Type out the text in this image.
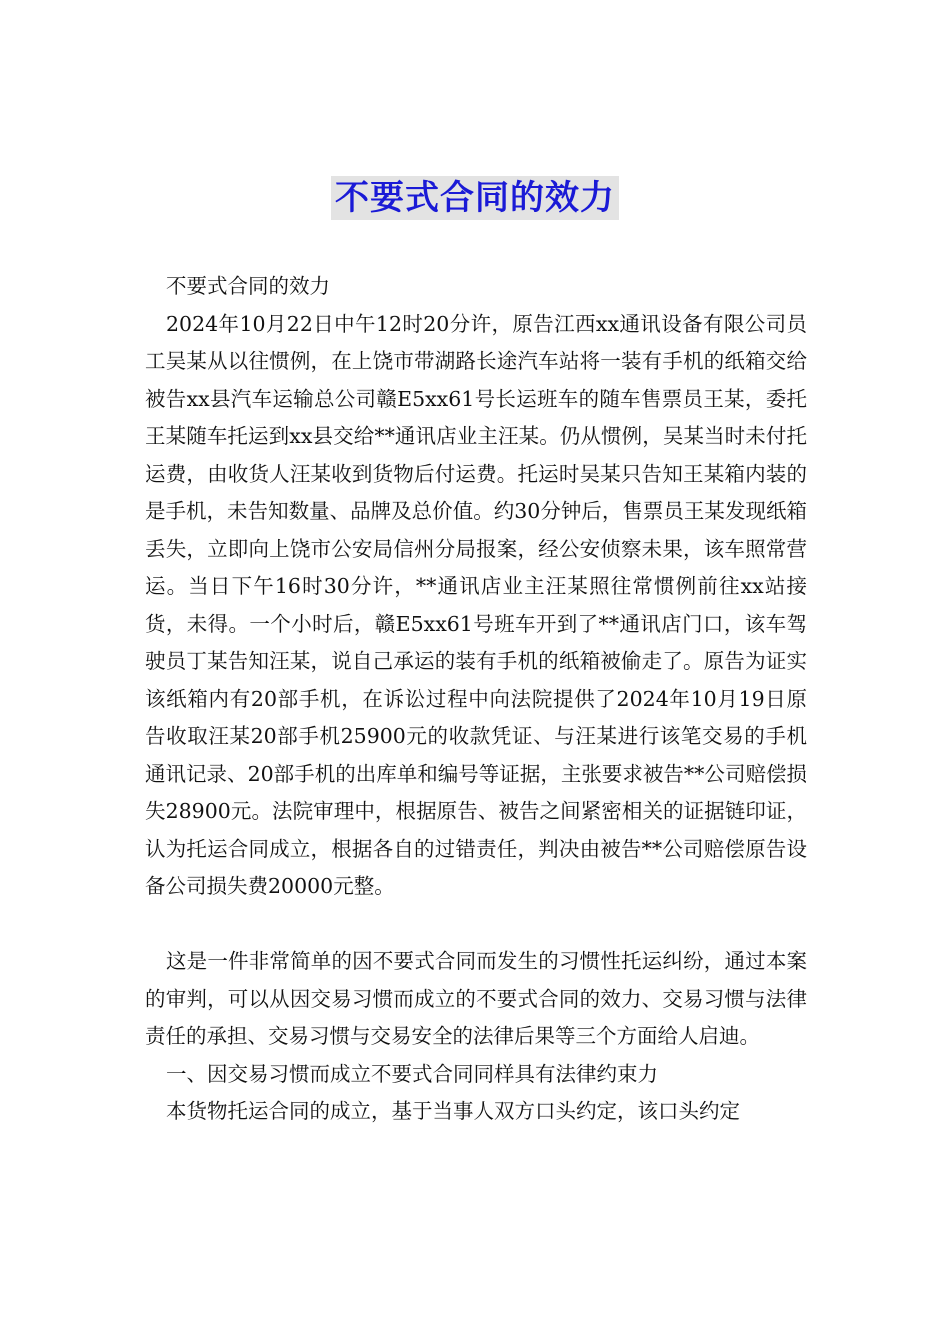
不要式合同的效力

不要式合同的效力

2024年10月22日中午12时20分许，原告江西xx通讯设备有限公司员工吴某从以往惯例，在上饶市带湖路长途汽车站将一装有手机的纸箱交给被告xx县汽车运输总公司赣E5xx61号长运班车的随车售票员王某，委托王某随车托运到xx县交给**通讯店业主汪某。仍从惯例，吴某当时未付托运费，由收货人汪某收到货物后付运费。托运时吴某只告知王某箱内装的是手机，未告知数量、品牌及总价值。约30分钟后，售票员王某发现纸箱丢失，立即向上饶市公安局信州分局报案，经公安侦察未果，该车照常营运。当日下午16时30分许，**通讯店业主汪某照往常惯例前往xx站接货，未得。一个小时后，赣E5xx61号班车开到了**通讯店门口，该车驾驶员丁某告知汪某，说自己承运的装有手机的纸箱被偷走了。原告为证实该纸箱内有20部手机，在诉讼过程中向法院提供了2024年10月19日原告收取汪某20部手机25900元的收款凭证、与汪某进行该笔交易的手机通讯记录、20部手机的出库单和编号等证据，主张要求被告**公司赔偿损失28900元。法院审理中，根据原告、被告之间紧密相关的证据链印证，认为托运合同成立，根据各自的过错责任，判决由被告**公司赔偿原告设备公司损失费20000元整。

这是一件非常简单的因不要式合同而发生的习惯性托运纠纷，通过本案的审判，可以从因交易习惯而成立的不要式合同的效力、交易习惯与法律责任的承担、交易习惯与交易安全的法律后果等三个方面给人启迪。

一、因交易习惯而成立不要式合同同样具有法律约束力

本货物托运合同的成立，基于当事人双方口头约定，该口头约定
